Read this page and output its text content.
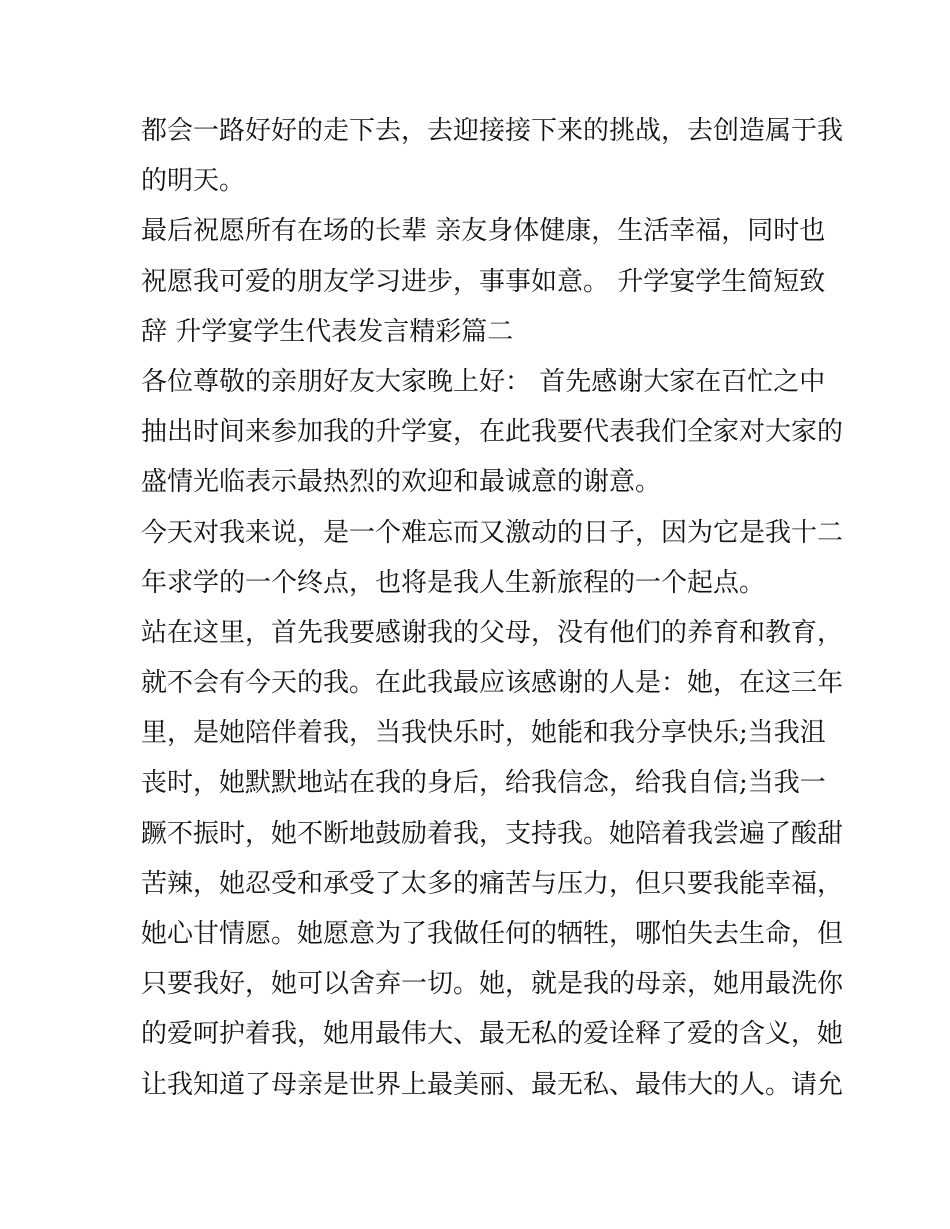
都会一路好好的走下去，去迎接接下来的挑战，去创造属于我
的明天。
最后祝愿所有在场的长辈 亲友身体健康，生活幸福，同时也
祝愿我可爱的朋友学习进步，事事如意。 升学宴学生简短致
辞 升学宴学生代表发言精彩篇二
各位尊敬的亲朋好友大家晚上好： 首先感谢大家在百忙之中
抽出时间来参加我的升学宴，在此我要代表我们全家对大家的
盛情光临表示最热烈的欢迎和最诚意的谢意。
今天对我来说，是一个难忘而又激动的日子，因为它是我十二
年求学的一个终点，也将是我人生新旅程的一个起点。
站在这里，首先我要感谢我的父母，没有他们的养育和教育，
就不会有今天的我。在此我最应该感谢的人是：她，在这三年
里，是她陪伴着我，当我快乐时，她能和我分享快乐;当我沮
丧时，她默默地站在我的身后，给我信念，给我自信;当我一
蹶不振时，她不断地鼓励着我，支持我。她陪着我尝遍了酸甜
苦辣，她忍受和承受了太多的痛苦与压力，但只要我能幸福，
她心甘情愿。她愿意为了我做任何的牺牲，哪怕失去生命，但
只要我好，她可以舍弃一切。她，就是我的母亲，她用最洗你
的爱呵护着我，她用最伟大、最无私的爱诠释了爱的含义，她
让我知道了母亲是世界上最美丽、最无私、最伟大的人。请允
